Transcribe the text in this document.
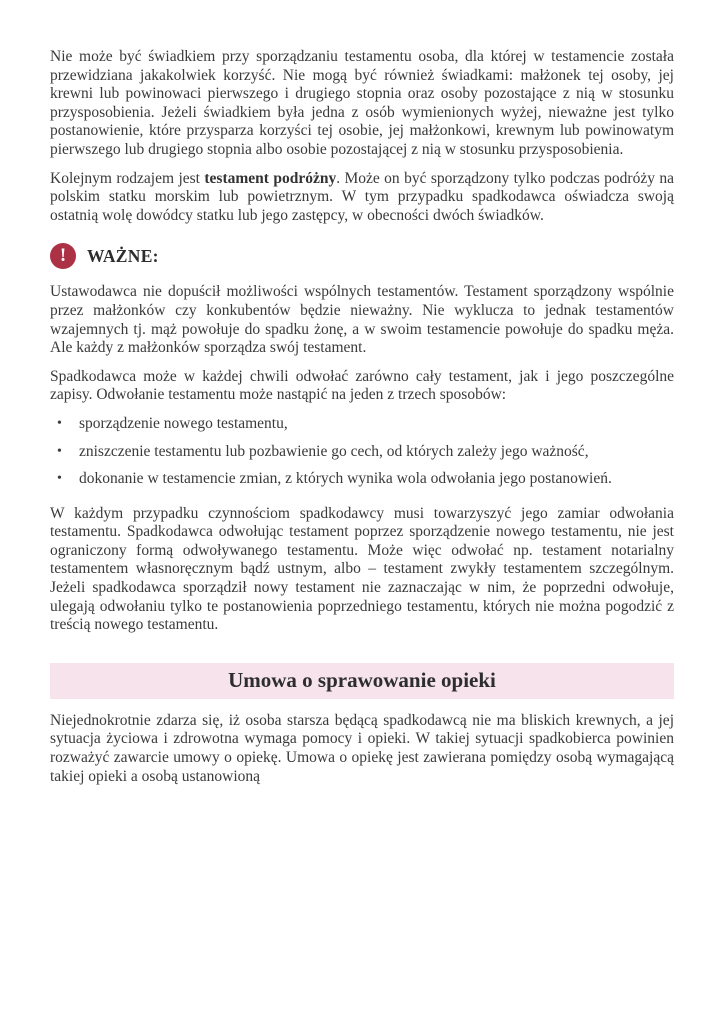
Nie może być świadkiem przy sporządzaniu testamentu osoba, dla której w testamencie została przewidziana jakakolwiek korzyść. Nie mogą być również świadkami: małżonek tej osoby, jej krewni lub powinowaci pierwszego i drugiego stopnia oraz osoby pozostające z nią w stosunku przysposobienia. Jeżeli świadkiem była jedna z osób wymienionych wyżej, nieważne jest tylko postanowienie, które przysparza korzyści tej osobie, jej małżonkowi, krewnym lub powinowatym pierwszego lub drugiego stopnia albo osobie pozostającej z nią w stosunku przysposobienia.

Kolejnym rodzajem jest testament podróżny. Może on być sporządzony tylko podczas podróży na polskim statku morskim lub powietrznym. W tym przypadku spadkodawca oświadcza swoją ostatnią wolę dowódcy statku lub jego zastępcy, w obecności dwóch świadków.

!	WAŻNE:

Ustawodawca nie dopuścił możliwości wspólnych testamentów. Testament sporządzony wspólnie przez małżonków czy konkubentów będzie nieważny. Nie wyklucza to jednak testamentów wzajemnych tj. mąż powołuje do spadku żonę, a w swoim testamencie powołuje do spadku męża. Ale każdy z małżonków sporządza swój testament.

Spadkodawca może w każdej chwili odwołać zarówno cały testament, jak i jego poszczególne zapisy. Odwołanie testamentu może nastąpić na jeden z trzech sposobów:

• sporządzenie nowego testamentu,
• zniszczenie testamentu lub pozbawienie go cech, od których zależy jego ważność,
• dokonanie w testamencie zmian, z których wynika wola odwołania jego postanowień.

W każdym przypadku czynnościom spadkodawcy musi towarzyszyć jego zamiar odwołania testamentu. Spadkodawca odwołując testament poprzez sporządzenie nowego testamentu, nie jest ograniczony formą odwoływanego testamentu. Może więc odwołać np. testament notarialny testamentem własnoręcznym bądź ustnym, albo – testament zwykły testamentem szczególnym. Jeżeli spadkodawca sporządził nowy testament nie zaznaczając w nim, że poprzedni odwołuje, ulegają odwołaniu tylko te postanowienia poprzedniego testamentu, których nie można pogodzić z treścią nowego testamentu.

Umowa o sprawowanie opieki

Niejednokrotnie zdarza się, iż osoba starsza będącą spadkodawcą nie ma bliskich krewnych, a jej sytuacja życiowa i zdrowotna wymaga pomocy i opieki. W takiej sytuacji spadkobierca powinien rozważyć zawarcie umowy o opiekę. Umowa o opiekę jest zawierana pomiędzy osobą wymagającą takiej opieki a osobą ustanowioną
